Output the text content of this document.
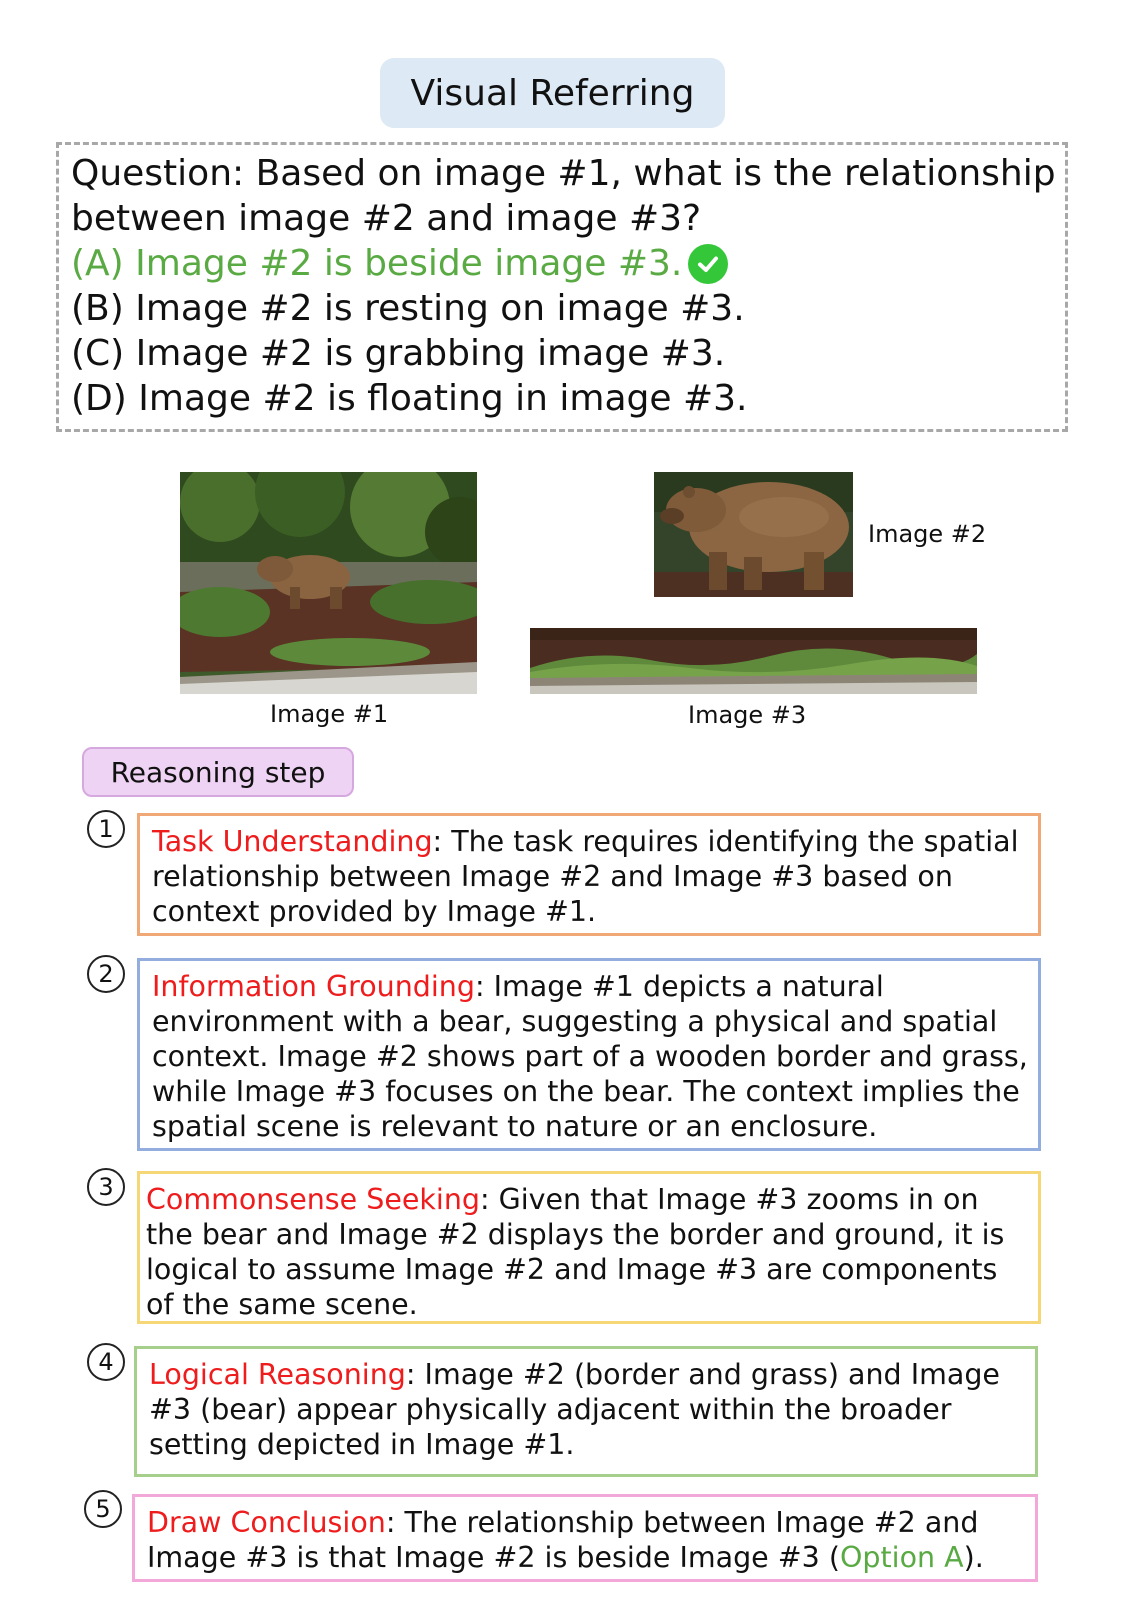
Visual Referring
Question: Based on image #1, what is the relationship
between image #2 and image #3?
(A) Image #2 is beside image #3.
(B) Image #2 is resting on image #3.
(C) Image #2 is grabbing image #3.
(D) Image #2 is floating in image #3.
Image #2
Image #1	Image #3
Reasoning step
1	Task Understanding: The task requires identifying the spatial relationship between Image #2 and Image #3 based on context provided by Image #1.
2	Information Grounding: Image #1 depicts a natural environment with a bear, suggesting a physical and spatial context. Image #2 shows part of a wooden border and grass, while Image #3 focuses on the bear. The context implies the spatial scene is relevant to nature or an enclosure.
3	Commonsense Seeking: Given that Image #3 zooms in on the bear and Image #2 displays the border and ground, it is logical to assume Image #2 and Image #3 are components of the same scene.
4	Logical Reasoning: Image #2 (border and grass) and Image #3 (bear) appear physically adjacent within the broader setting depicted in Image #1.
5	Draw Conclusion: The relationship between Image #2 and Image #3 is that Image #2 is beside Image #3 (Option A).
